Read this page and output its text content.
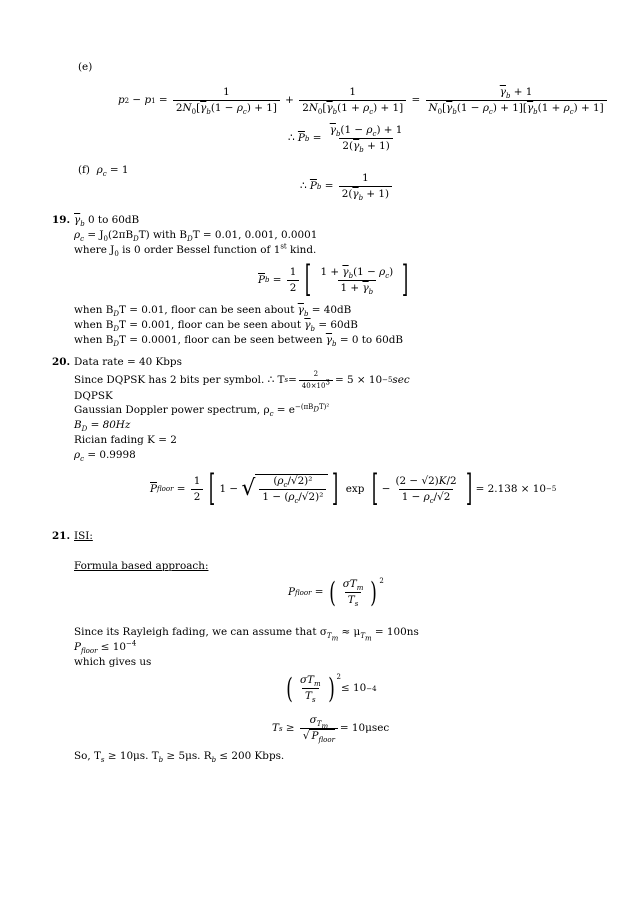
(e)
p 2 − p $1 = \frac{1}{2N_0[\overline{\gamma}_b(1 - \rho_c) + 1]} + \frac{1}{2N_0[\overline{\gamma}_b(1 + \rho_c) + 1]} = \frac{\overline{\gamma}_b + 1}{N_0[\overline{\gamma}_b(1 - \rho_c) + 1][\overline{\gamma}_b(1 + \rho_c) + 1]}$
∴ $\overline{P}$ $b = \frac{\overline{\gamma}_b(1 - \rho_c) + 1}{2(\overline{\gamma}_b + 1)}$
(f) $\rho_c = 1$
∴ $\overline{P}$ $b = \frac{1}{2(\overline{\gamma}_b + 1)}$
19. $\overline{\gamma}_b$ 0 to 60dB
$\rho_c = J_0(2\pi B_DT)$ with $B_DT = 0.01$, 0.001, 0.0001
where $J_0$ is 0 order Bessel function of 1st kind.
$\overline{P}$ $b = \frac{1}{2}$ [ $\frac{1 + \overline{\gamma}_b(1 - \rho_c)}{1 + \overline{\gamma}_b}$ ]
when $B_DT = 0.01$, floor can be seen about $\overline{\gamma}_b = 40dB$
when $B_DT = 0.001$, floor can be seen about $\overline{\gamma}_b = 60dB$
when $B_DT = 0.0001$, floor can be seen between $\overline{\gamma}_b = 0$ to 60dB
20. Data rate = 40 Kbps
Since DQPSK has 2 bits per symbol. ∴ T $s = \frac{2}{40\times 10^3} = 5 \times 10 -5$ sec
DQPSK
Gaussian Doppler power spectrum, $\rho_c = e^{-(\pi B_DT)^2}$
$B_D = 80Hz$
Rician fading K = 2
$\rho_c = 0.9998$
$\overline{P}$ floor = $\frac{1}{2}$ [ 1 − √ $\frac{(\rho_c/√2)^2}{1 - (\rho_c/√2)^2}$ ] exp [ − $\frac{(2 - √2)K/2}{1 - \rho_c/√2}$ ] = 2.138 × 10 −5
21. ISI:
Formula based approach:
P floor = ( $\frac{\sigma T_m}{T_s}$ ) $^2$
Since its Rayleigh fading, we can assume that $\sigma_{T_m} \approx \mu_{T_m} = 100ns$
$P_{floor} \le 10^{-4}$
which gives us
( $\frac{\sigma T_m}{T_s}$ ) $^2$
≤ 10 −4
T $s \ge \frac{\sigma_{T_m}}{√ P_{floor}} = 10\mu\sec$
So, $T_s \ge 10\mu s$. $T_b \ge 5\mu s$. $R_b \le 200$ Kbps.
